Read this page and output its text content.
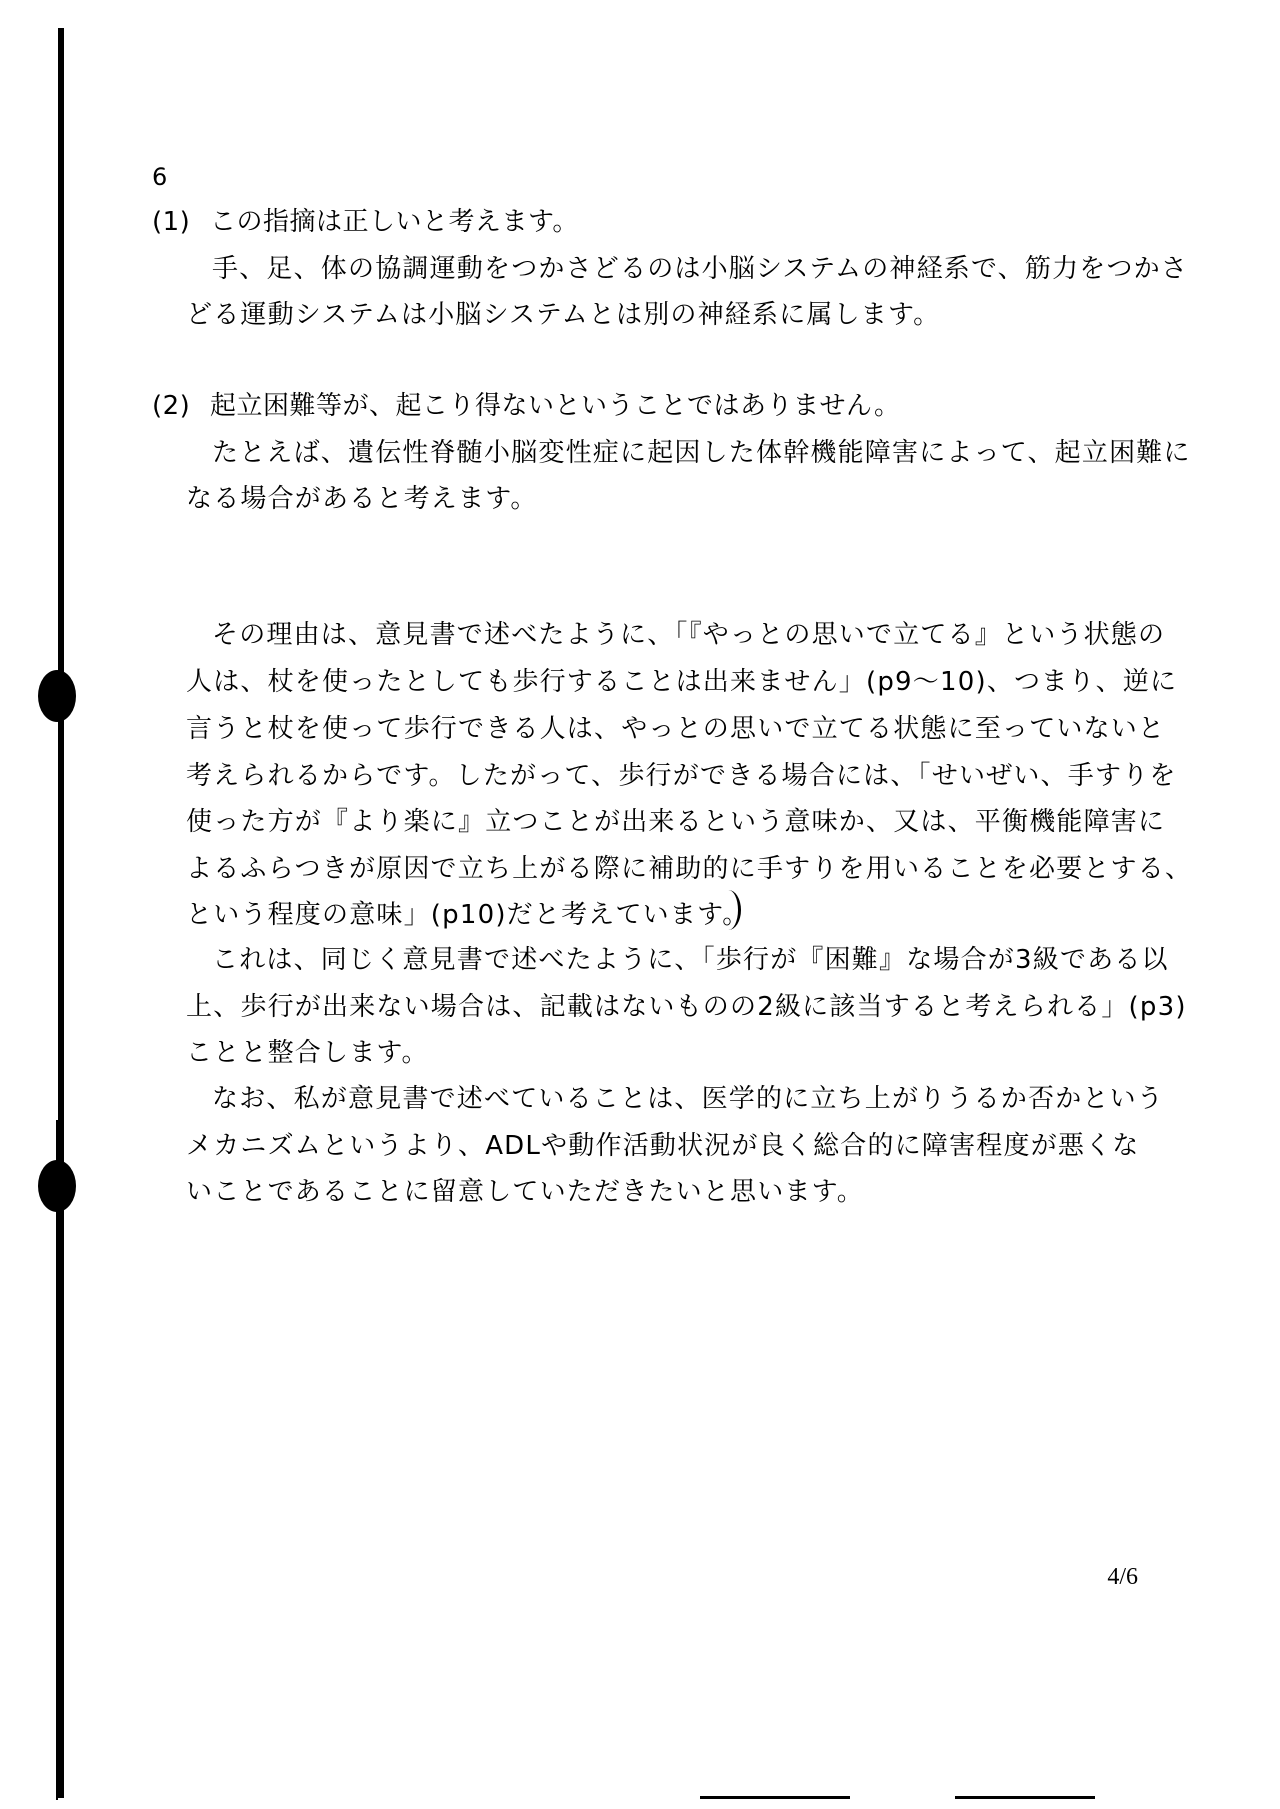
6
(1) この指摘は正しいと考えます。
手、足、体の協調運動をつかさどるのは小脳システムの神経系で、筋力をつかさ
どる運動システムは小脳システムとは別の神経系に属します。
(2) 起立困難等が、起こり得ないということではありません。
たとえば、遺伝性脊髄小脳変性症に起因した体幹機能障害によって、起立困難に
なる場合があると考えます。
その理由は、意見書で述べたように、「『やっとの思いで立てる』という状態の
人は、杖を使ったとしても歩行することは出来ません」(p9～10)、つまり、逆に
言うと杖を使って歩行できる人は、やっとの思いで立てる状態に至っていないと
考えられるからです。したがって、歩行ができる場合には、「せいぜい、手すりを
使った方が『より楽に』立つことが出来るという意味か、又は、平衡機能障害に
よるふらつきが原因で立ち上がる際に補助的に手すりを用いることを必要とする、
という程度の意味」(p10)だと考えています。
これは、同じく意見書で述べたように、「歩行が『困難』な場合が3級である以
上、歩行が出来ない場合は、記載はないものの2級に該当すると考えられる」(p3)
ことと整合します。
なお、私が意見書で述べていることは、医学的に立ち上がりうるか否かという
メカニズムというより、ADLや動作活動状況が良く総合的に障害程度が悪くな
いことであることに留意していただきたいと思います。
4/6
